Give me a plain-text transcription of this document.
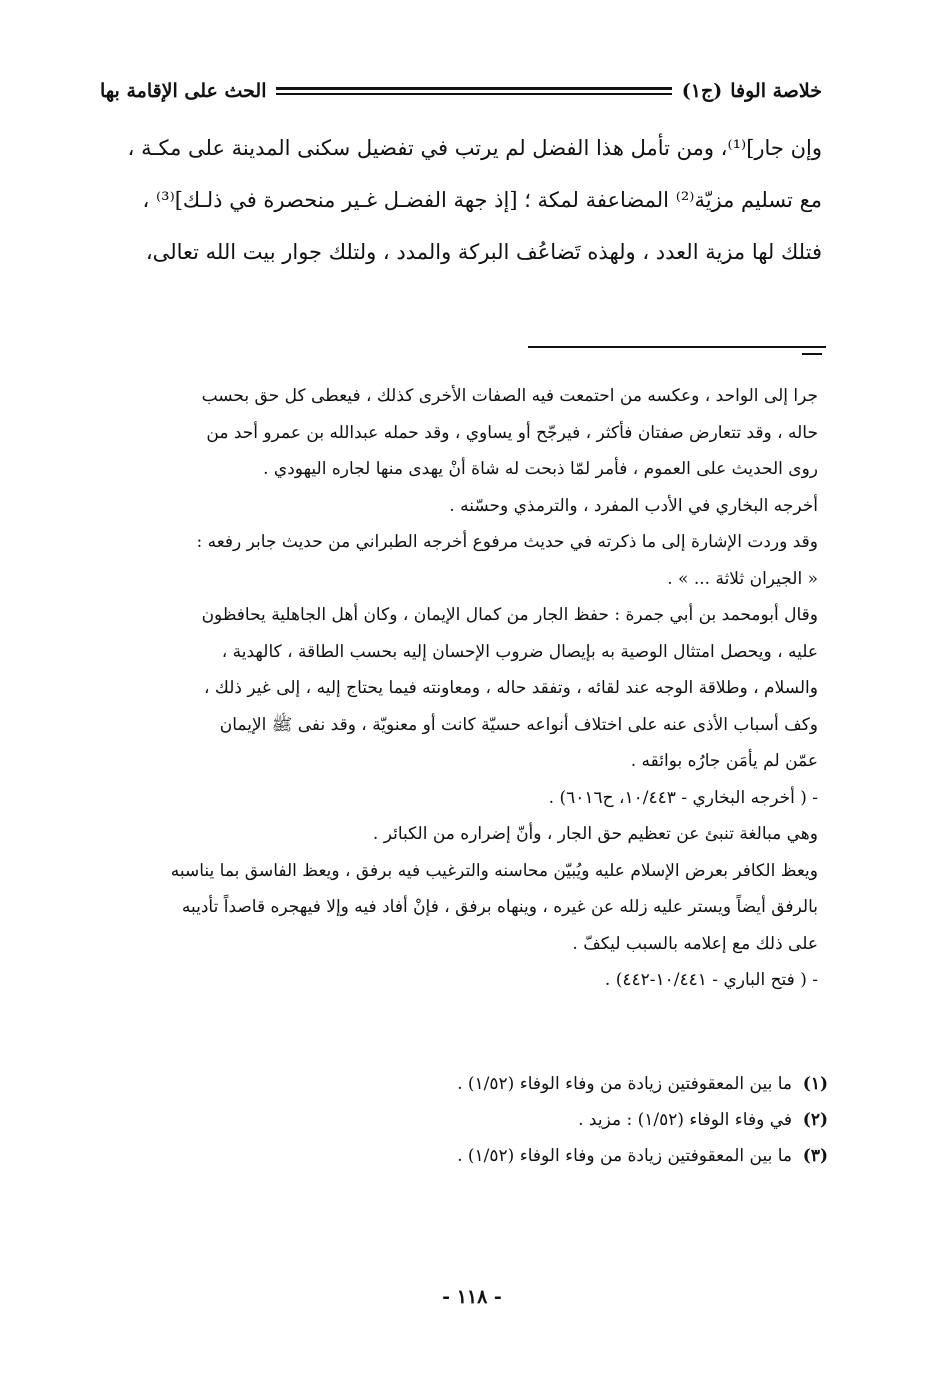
خلاصة الوفا
(ج١)
الحث على الإقامة بها

وإن جار]⁽¹⁾، ومن تأمل هذا الفضل لم يرتب في تفضيل سكنى المدينة على مكـة ،

مع تسليم مزيّة⁽²⁾ المضاعفة لمكة ؛ [إذ جهة الفضـل غـير منحصرة في ذلـك]⁽³⁾ ،

فتلك لها مزية العدد ، ولهذه تَضاعُف البركة والمدد ، ولتلك جوار بيت الله تعالى،

جرا إلى الواحد ، وعكسه من احتمعت فيه الصفات الأخرى كذلك ، فيعطى كل حق بحسب

حاله ، وقد تتعارض صفتان فأكثر ، فيرجّح أو يساوي ، وقد حمله عبدالله بن عمرو أحد من

روى الحديث على العموم ، فأمر لمّا ذبحت له شاة أنْ يهدى منها لجاره اليهودي .

أخرجه البخاري في الأدب المفرد ، والترمذي وحسّنه .

وقد وردت الإشارة إلى ما ذكرته في حديث مرفوع أخرجه الطبراني من حديث جابر رفعه :

« الجيران ثلاثة ... » .

وقال أبومحمد بن أبي جمرة : حفظ الجار من كمال الإيمان ، وكان أهل الجاهلية يحافظون

عليه ، ويحصل امتثال الوصية به بإيصال ضروب الإحسان إليه بحسب الطاقة ، كالهدية ،

والسلام ، وطلاقة الوجه عند لقائه ، وتفقد حاله ، ومعاونته فيما يحتاج إليه ، إلى غير ذلك ،

وكف أسباب الأذى عنه على اختلاف أنواعه حسيّة كانت أو معنويّة ، وقد نفى ﷺ الإيمان

عمّن لم يأمَن جارُه بوائقه .

- ( أخرجه البخاري - ١٠/٤٤٣، ح٦٠١٦) .

وهي مبالغة تنبئ عن تعظيم حق الجار ، وأنّ إضراره من الكبائر .

ويعظ الكافر بعرض الإسلام عليه ويُبيّن محاسنه والترغيب فيه برفق ، ويعظ الفاسق بما يناسبه

بالرفق أيضاً ويستر عليه زلله عن غيره ، وينهاه برفق ، فإنْ أفاد فيه وإلا فيهجره قاصداً تأديبه

على ذلك مع إعلامه بالسبب ليكفّ .

- ( فتح الباري - ١٠/٤٤١-٤٤٢) .

(١)
ما بين المعقوفتين زيادة من وفاء الوفاء (١/٥٢) .
(٢)
في وفاء الوفاء (١/٥٢) : مزيد .
(٣)
ما بين المعقوفتين زيادة من وفاء الوفاء (١/٥٢) .
- ١١٨ -
